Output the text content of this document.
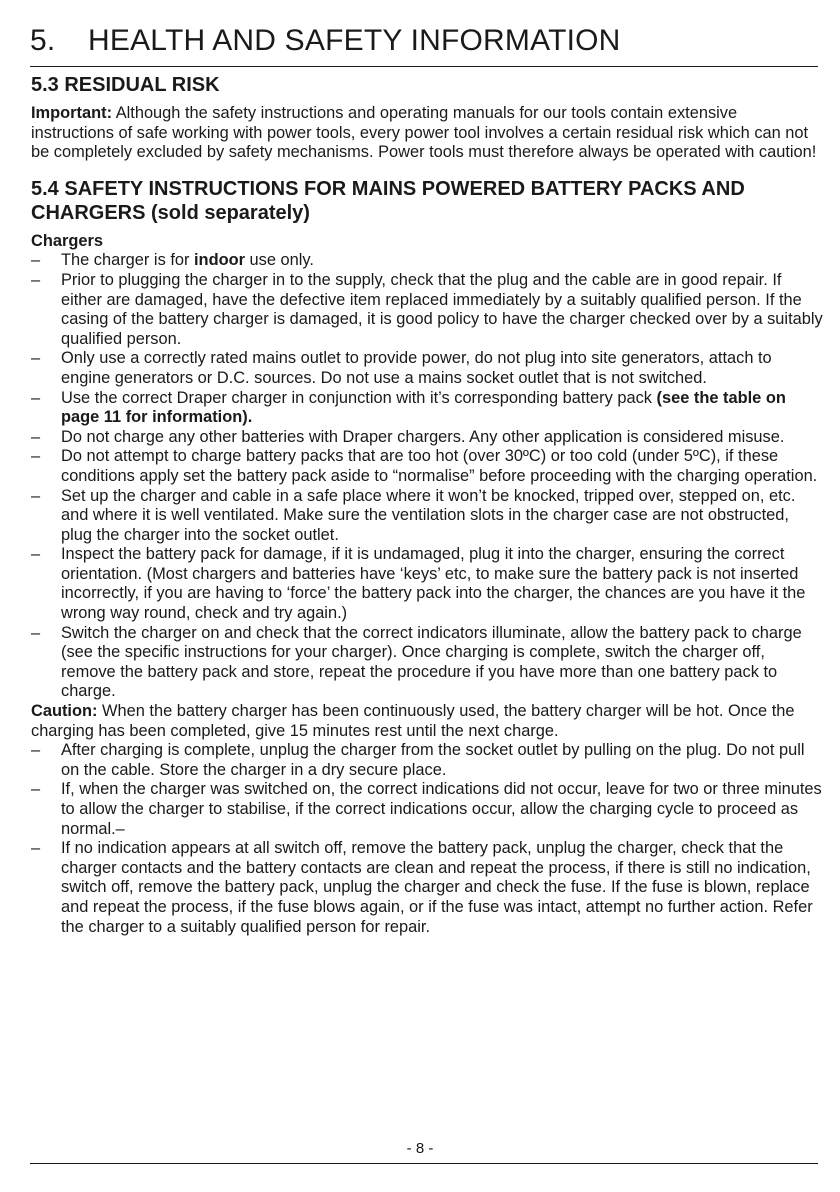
5. HEALTH AND SAFETY INFORMATION
5.3 RESIDUAL RISK

Important: Although the safety instructions and operating manuals for our tools contain extensive instructions of safe working with power tools, every power tool involves a certain residual risk which can not be completely excluded by safety mechanisms. Power tools must therefore always be operated with caution!

5.4 SAFETY INSTRUCTIONS FOR MAINS POWERED BATTERY PACKS AND CHARGERS (sold separately)
Chargers
– The charger is for indoor use only.
– Prior to plugging the charger in to the supply, check that the plug and the cable are in good repair. If either are damaged, have the defective item replaced immediately by a suitably qualified person. If the casing of the battery charger is damaged, it is good policy to have the charger checked over by a suitably qualified person.
– Only use a correctly rated mains outlet to provide power, do not plug into site generators, attach to engine generators or D.C. sources. Do not use a mains socket outlet that is not switched.
– Use the correct Draper charger in conjunction with it’s corresponding battery pack (see the table on page 11 for information).
– Do not charge any other batteries with Draper chargers. Any other application is considered misuse.
– Do not attempt to charge battery packs that are too hot (over 30ºC) or too cold (under 5ºC), if these conditions apply set the battery pack aside to “normalise” before proceeding with the charging operation.
– Set up the charger and cable in a safe place where it won’t be knocked, tripped over, stepped on, etc. and where it is well ventilated. Make sure the ventilation slots in the charger case are not obstructed, plug the charger into the socket outlet.
– Inspect the battery pack for damage, if it is undamaged, plug it into the charger, ensuring the correct orientation. (Most chargers and batteries have ‘keys’ etc, to make sure the battery pack is not inserted incorrectly, if you are having to ‘force’ the battery pack into the charger, the chances are you have it the wrong way round, check and try again.)
– Switch the charger on and check that the correct indicators illuminate, allow the battery pack to charge (see the specific instructions for your charger). Once charging is complete, switch the charger off, remove the battery pack and store, repeat the procedure if you have more than one battery pack to charge.

Caution: When the battery charger has been continuously used, the battery charger will be hot. Once the charging has been completed, give 15 minutes rest until the next charge.

– After charging is complete, unplug the charger from the socket outlet by pulling on the plug. Do not pull on the cable. Store the charger in a dry secure place.
– If, when the charger was switched on, the correct indications did not occur, leave for two or three minutes to allow the charger to stabilise, if the correct indications occur, allow the charging cycle to proceed as normal.–
– If no indication appears at all switch off, remove the battery pack, unplug the charger, check that the charger contacts and the battery contacts are clean and repeat the process, if there is still no indication, switch off, remove the battery pack, unplug the charger and check the fuse. If the fuse is blown, replace and repeat the process, if the fuse blows again, or if the fuse was intact, attempt no further action. Refer the charger to a suitably qualified person for repair.
- 8 -
